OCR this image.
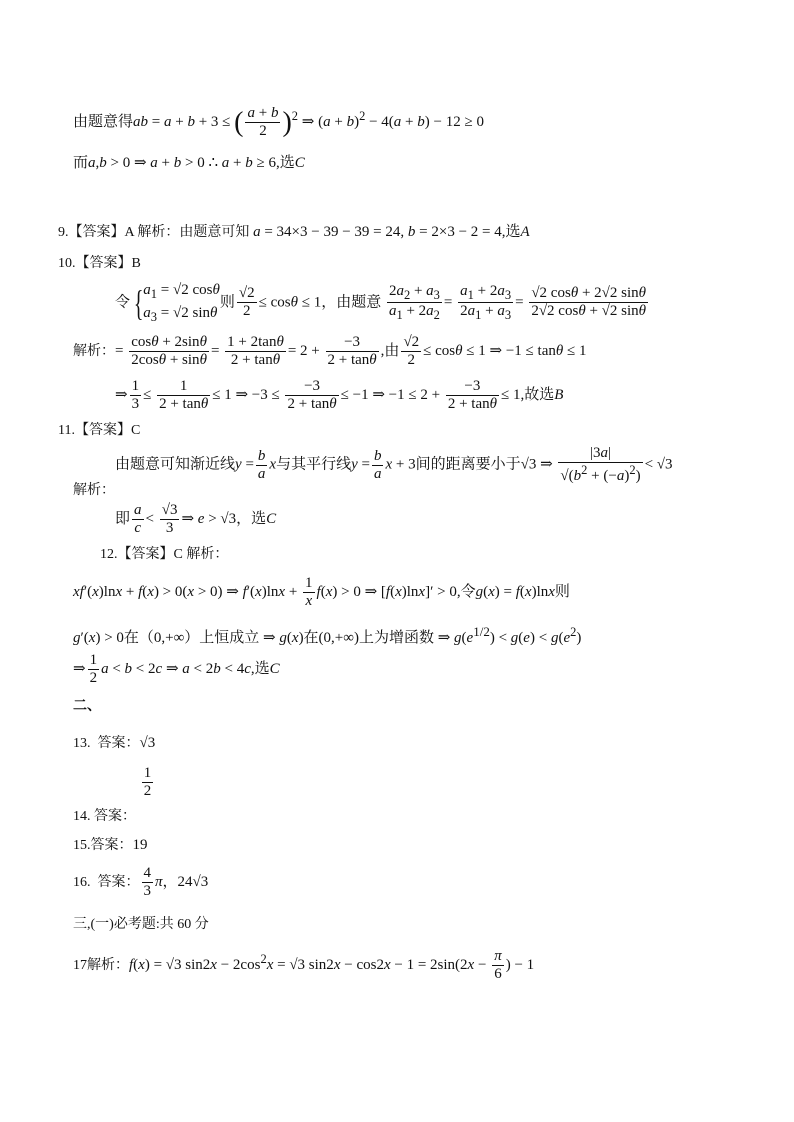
由题意得ab = a + b + 3 ≤ ( $\frac{a + b}{2} )^2$ ⇒ $(a + b)^2 - 4(a + b) - 12 \ge 0$
而a,b > 0 ⇒ a + b > 0 ∴ a + b ≥ 6,选C
9.【答案】A 解析：由题意可知 a = 34×3 − 39 − 39 = 24, b = 2×3 − 2 = 4,选A
10.【答案】B
令 {$a_1 = √2$ cosθ
$a_3 = √2$ sinθ则 $\frac{√2}{2} \le \cos\theta \le 1$，由题意 $\frac{2a_2 + a_3}{a_1 + 2a_2} = \frac{a_1 + 2a_3}{2a_1 + a_3} = \frac{√2 \cos\theta + 2√2 \sin\theta}{2√2 \cos\theta + √2 \sin\theta}$
解析：= $\frac{\cos\theta + 2\sin\theta}{2\cos\theta + \sin\theta} = \frac{1 + 2\tan\theta}{2 + \tan\theta} = 2 + \frac{-3}{2 + \tan\theta}$ ,由 $\frac{√2}{2} \le \cos\theta \le 1$ ⇒ −1 ≤ tanθ ≤ 1
⇒ $\frac{1}{3} \le \frac{1}{2 + \tan\theta} \le 1$ ⇒ $-3 \le \frac{-3}{2 + \tan\theta} \le -1$ ⇒ $-1 \le 2 + \frac{-3}{2 + \tan\theta} \le 1$,故选B
11.【答案】C
由题意可知渐近线$y = \frac{b}{a}$ x与其平行线$y = \frac{b}{a}$ x + 3间的距离要小于√3 ⇒ $\frac{|3a|}{√(b^2 + (-a)^2)} < √3$
解析：
即 $\frac{a}{c} < \frac{√3}{3}$ ⇒ e > √3，选C
12.【答案】C 解析：
xf′(x)lnx + f(x) > 0(x > 0) ⇒ $f'(x)\ln x + \frac{1}{x} f(x) > 0$ ⇒ [f(x)lnx]′ > 0,令g(x) = f(x)lnx则
g′(x) > 0在（0,+∞）上恒成立 ⇒ g(x)在(0,+∞)上为增函数 ⇒ $g(e^{1/2}) < g(e) < g(e^2)$
⇒ $\frac{1}{2}$ a < b < 2c ⇒ a < 2b < 4c,选C
二、
13.  答案：√3
14. 答案：
$\frac{1}{2}$
15.答案：19
16.  答案： $\frac{4}{3}$ π，24√3
三,(一)必考题:共 60 分
17解析：f(x) = √3 $\sin 2x - 2\cos^2x = √3$ $\sin 2x - \cos 2x - 1 = 2\sin(2x - \frac{\pi}{6}$ ) − 1
